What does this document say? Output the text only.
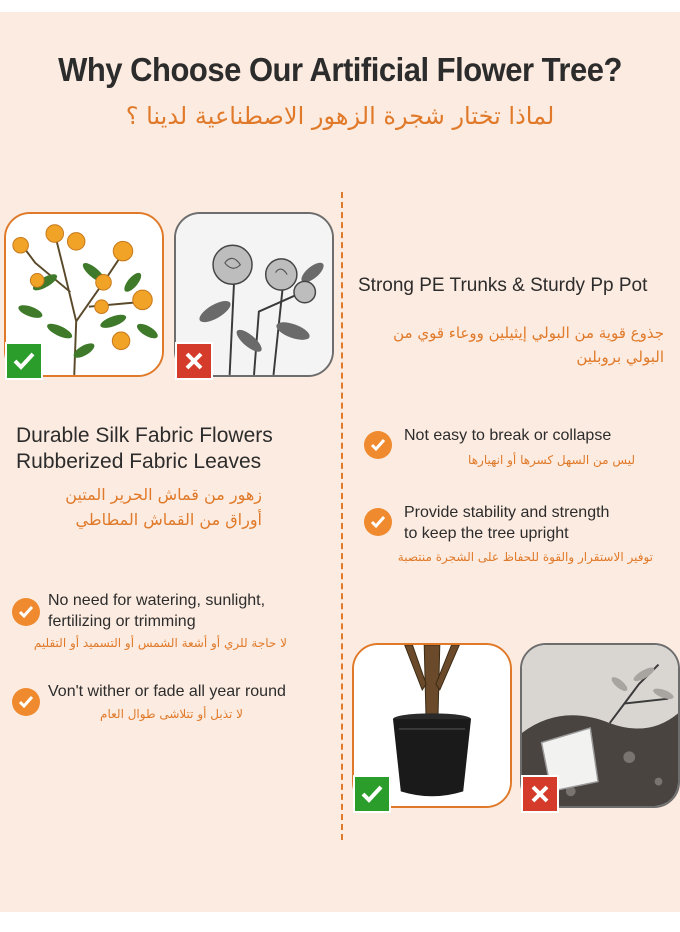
Why Choose Our Artificial Flower Tree?
لماذا تختار شجرة الزهور الاصطناعية لدينا ؟
Durable Silk Fabric Flowers
Rubberized Fabric Leaves
زهور من قماش الحرير المتين
أوراق من القماش المطاطي
No need for watering, sunlight,
fertilizing or trimming
لا حاجة للري أو أشعة الشمس أو التسميد أو التقليم
Von't wither or fade all year round
لا تذبل أو تتلاشى طوال العام
Strong PE Trunks & Sturdy Pp Pot
جذوع قوية من البولي إيثيلين ووعاء قوي من
البولي بروبلين
Not easy to break or collapse
ليس من السهل كسرها أو انهيارها
Provide stability and strength
to keep the tree upright
توفير الاستقرار والقوة للحفاظ على الشجرة منتصبة
